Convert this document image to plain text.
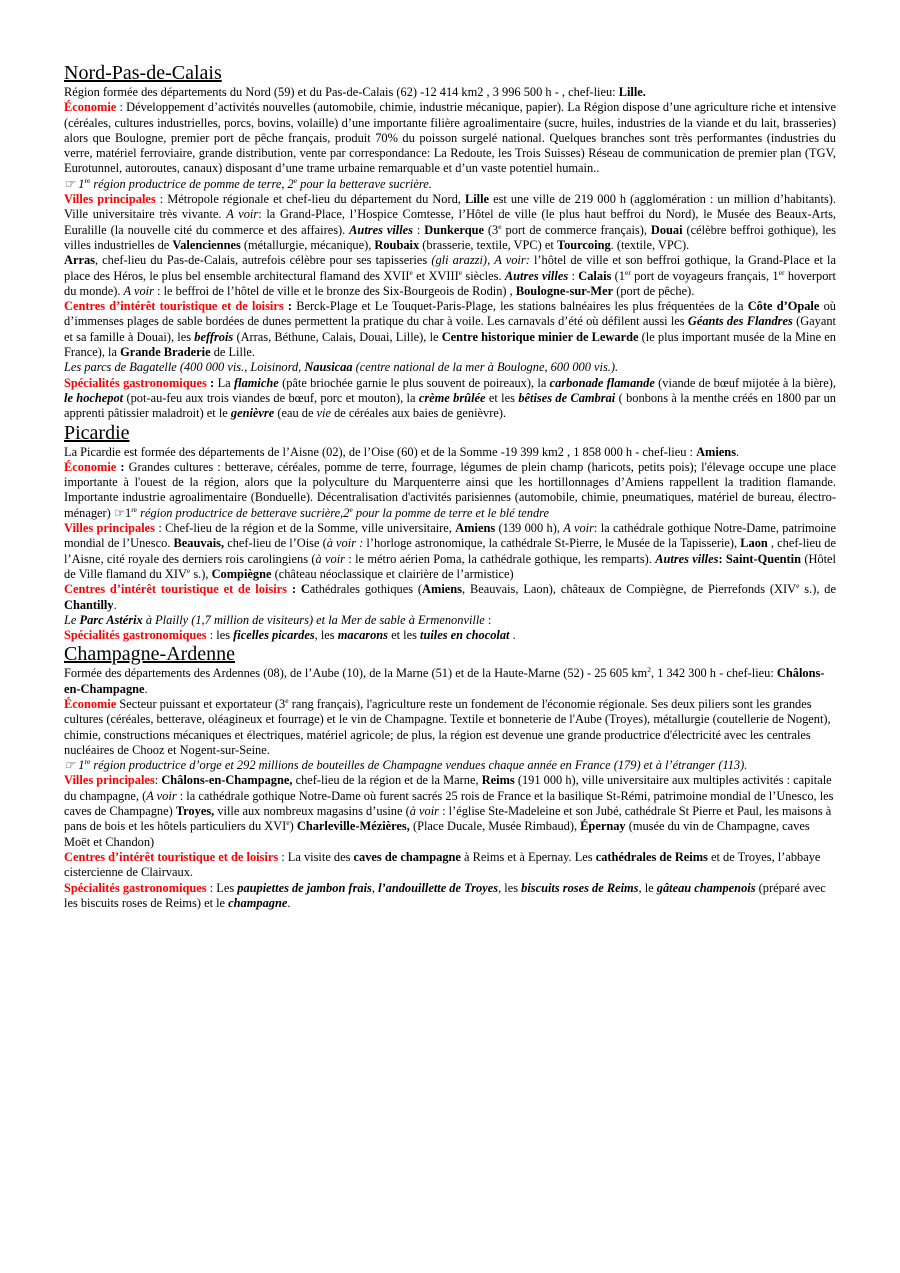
Nord-Pas-de-Calais

Région formée des départements du Nord (59) et du Pas-de-Calais (62) -12 414 km2 , 3 996 500 h - , chef-lieu: Lille.

Économie : Développement d’activités nouvelles (automobile, chimie, industrie mécanique, papier). La Région dispose d’une agriculture riche et intensive (céréales, cultures industrielles, porcs, bovins, volaille) d’une importante filière agroalimentaire (sucre, huiles, industries de la viande et du lait, brasseries) alors que Boulogne, premier port de pêche français, produit 70% du poisson surgelé national. Quelques branches sont très performantes (industries du verre, matériel ferroviaire, grande distribution, vente par correspondance: La Redoute, les Trois Suisses) Réseau de communication de premier plan (TGV, Eurotunnel, autoroutes, canaux) disposant d’une trame urbaine remarquable et d’un vaste potentiel humain..

☞ 1re région productrice de pomme de terre, 2e pour la betterave sucrière.

Villes principales : Métropole régionale et chef-lieu du département du Nord, Lille est une ville de 219 000 h (agglomération : un million d’habitants). Ville universitaire très vivante. A voir: la Grand-Place, l’Hospice Comtesse, l’Hôtel de ville (le plus haut beffroi du Nord), le Musée des Beaux-Arts, Euralille (la nouvelle cité du commerce et des affaires). Autres villes : Dunkerque (3e port de commerce français), Douai (célèbre beffroi gothique), les villes industrielles de Valenciennes (métallurgie, mécanique), Roubaix (brasserie, textile, VPC) et Tourcoing. (textile, VPC).

Arras, chef-lieu du Pas-de-Calais, autrefois célèbre pour ses tapisseries (gli arazzi), A voir: l’hôtel de ville et son beffroi gothique, la Grand-Place et la place des Héros, le plus bel ensemble architectural flamand des XVIIe et XVIIIe siècles. Autres villes : Calais (1er port de voyageurs français, 1er hoverport du monde). A voir : le beffroi de l’hôtel de ville et le bronze des Six-Bourgeois de Rodin) , Boulogne-sur-Mer (port de pêche).

Centres d’intérêt touristique et de loisirs : Berck-Plage et Le Touquet-Paris-Plage, les stations balnéaires les plus fréquentées de la Côte d’Opale où d’immenses plages de sable bordées de dunes permettent la pratique du char à voile. Les carnavals d’été où défilent aussi les Géants des Flandres (Gayant et sa famille à Douai), les beffrois (Arras, Béthune, Calais, Douai, Lille), le Centre historique minier de Lewarde (le plus important musée de la Mine en France), la Grande Braderie de Lille.

Les parcs de Bagatelle (400 000 vis., Loisinord, Nausicaa (centre national de la mer à Boulogne, 600 000 vis.).

Spécialités gastronomiques : La flamiche (pâte briochée garnie le plus souvent de poireaux), la carbonade flamande (viande de bœuf mijotée à la bière), le hochepot (pot-au-feu aux trois viandes de bœuf, porc et mouton), la crème brûlée et les bêtises de Cambrai ( bonbons à la menthe créés en 1800 par un apprenti pâtissier maladroit) et le genièvre (eau de vie de céréales aux baies de genièvre).

Picardie

La Picardie est formée des départements de l’Aisne (02), de l’Oise (60) et de la Somme -19 399 km2 , 1 858 000 h - chef-lieu : Amiens.

Économie : Grandes cultures : betterave, céréales, pomme de terre, fourrage, légumes de plein champ (haricots, petits pois); l'élevage occupe une place importante à l'ouest de la région, alors que la polyculture du Marquenterre ainsi que les hortillonnages d’Amiens rappellent la tradition flamande. Importante industrie agroalimentaire (Bonduelle). Décentralisation d'activités parisiennes (automobile, chimie, pneumatiques, matériel de bureau, électro-ménager) ☞1re région productrice de betterave sucrière,2e pour la pomme de terre et le blé tendre

Villes principales : Chef-lieu de la région et de la Somme, ville universitaire, Amiens (139 000 h), A voir: la cathédrale gothique Notre-Dame, patrimoine mondial de l’Unesco. Beauvais, chef-lieu de l’Oise (à voir : l’horloge astronomique, la cathédrale St-Pierre, le Musée de la Tapisserie), Laon , chef-lieu de l’Aisne, cité royale des derniers rois carolingiens (à voir : le métro aérien Poma, la cathédrale gothique, les remparts). Autres villes: Saint-Quentin (Hôtel de Ville flamand du XIVe s.), Compiègne (château néoclassique et clairière de l’armistice)

Centres d’intérêt touristique et de loisirs : Cathédrales gothiques (Amiens, Beauvais, Laon), châteaux de Compiègne, de Pierrefonds (XIVe s.), de Chantilly.

Le Parc Astérix à Plailly (1,7 million de visiteurs) et la Mer de sable à Ermenonville :

Spécialités gastronomiques : les ficelles picardes, les macarons et les tuiles en chocolat .

Champagne-Ardenne

Formée des départements des Ardennes (08), de l’Aube (10), de la Marne (51) et de la Haute-Marne (52) - 25 605 $km^2$, 1 342 300 h - chef-lieu: Châlons-en-Champagne.

Économie Secteur puissant et exportateur (3e rang français), l'agriculture reste un fondement de l'économie régionale. Ses deux piliers sont les grandes cultures (céréales, betterave, oléagineux et fourrage) et le vin de Champagne. Textile et bonneterie de l'Aube (Troyes), métallurgie (coutellerie de Nogent), chimie, constructions mécaniques et électriques, matériel agricole; de plus, la région est devenue une grande productrice d'électricité avec les centrales nucléaires de Chooz et Nogent-sur-Seine.

☞ 1re région productrice d’orge et 292 millions de bouteilles de Champagne vendues chaque année en France (179) et à l’étranger (113).

Villes principales: Châlons-en-Champagne, chef-lieu de la région et de la Marne, Reims (191 000 h), ville universitaire aux multiples activités : capitale du champagne, (A voir : la cathédrale gothique Notre-Dame où furent sacrés 25 rois de France et la basilique St-Rémi, patrimoine mondial de l’Unesco, les caves de Champagne) Troyes, ville aux nombreux magasins d’usine (à voir : l’église Ste-Madeleine et son Jubé, cathédrale St Pierre et Paul, les maisons à pans de bois et les hôtels particuliers du XVIe) Charleville-Mézières, (Place Ducale, Musée Rimbaud), Épernay (musée du vin de Champagne, caves Moët et Chandon)

Centres d’intérêt touristique et de loisirs : La visite des caves de champagne à Reims et à Epernay. Les cathédrales de Reims et de Troyes, l’abbaye cistercienne de Clairvaux.

Spécialités gastronomiques : Les paupiettes de jambon frais, l’andouillette de Troyes, les biscuits roses de Reims, le gâteau champenois (préparé avec les biscuits roses de Reims) et le champagne.
